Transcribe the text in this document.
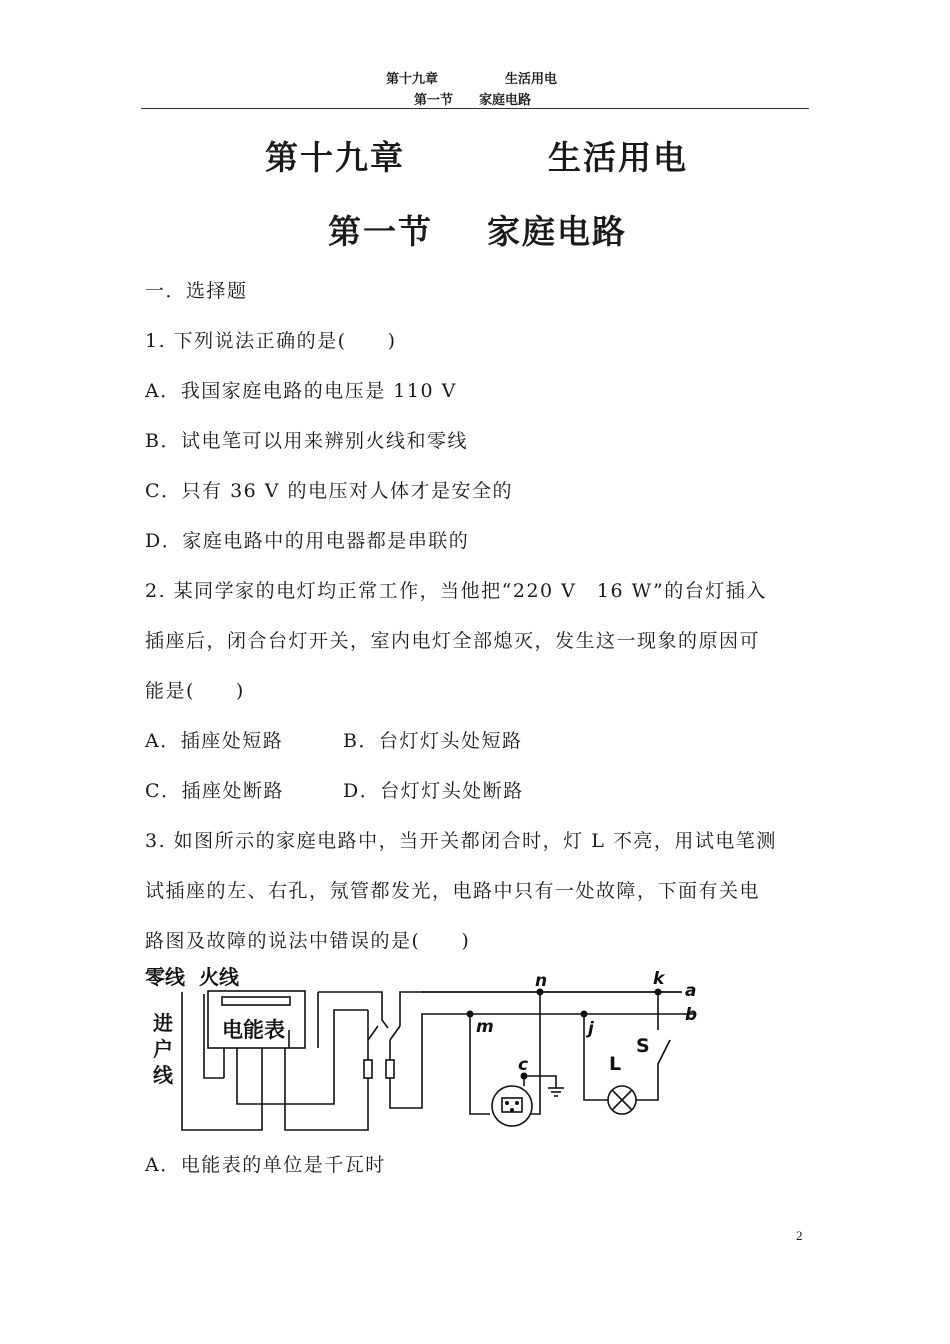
第十九章	生活用电
第一节 家庭电路
第十九章	生活用电
第一节 家庭电路
一．选择题
1. 下列说法正确的是(　　)
A．我国家庭电路的电压是 110 V
B．试电笔可以用来辨别火线和零线
C．只有 36 V 的电压对人体才是安全的
D．家庭电路中的用电器都是串联的
2. 某同学家的电灯均正常工作，当他把“220 V　16 W”的台灯插入
插座后，闭合台灯开关，室内电灯全部熄灭，发生这一现象的原因可
能是(　　)
A．插座处短路	B．台灯灯头处短路
C．插座处断路	D．台灯灯头处断路
3. 如图所示的家庭电路中，当开关都闭合时，灯 L 不亮，用试电笔测
试插座的左、右孔，氖管都发光，电路中只有一处故障，下面有关电
路图及故障的说法中错误的是(　　)
零线 火线
电能表
进
户
线
n	k
a
b
m	j
c	L
S
A．电能表的单位是千瓦时
2
